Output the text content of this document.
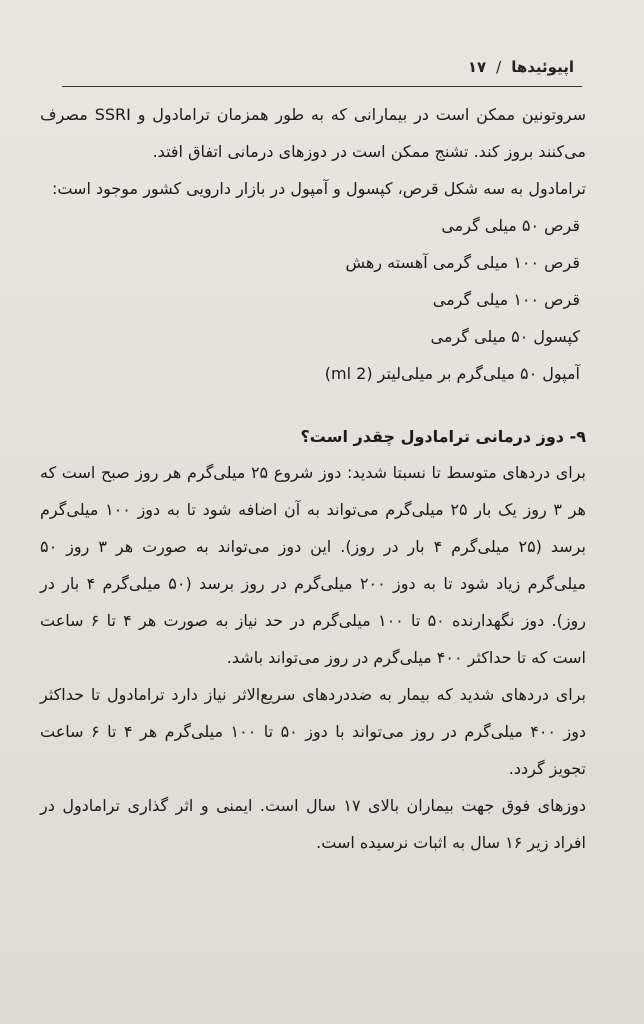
اپیوئیدها
/
۱۷

سروتونین ممکن است در بیمارانی که به طور همزمان ترامادول و SSRI مصرف می‌کنند بروز کند. تشنج ممکن است در دوزهای درمانی اتفاق افتد.

ترامادول به سه شکل قرص، کپسول و آمپول در بازار دارویی کشور موجود است:

قرص ۵۰ میلی گرمی

قرص ۱۰۰ میلی گرمی آهسته رهش

قرص ۱۰۰ میلی گرمی

کپسول ۵۰ میلی گرمی

آمپول ۵۰ میلی‌گرم بر میلی‌لیتر (2 ml)

۹- دوز درمانی ترامادول چقدر است؟

برای دردهای متوسط تا نسبتا شدید: دوز شروع ۲۵ میلی‌گرم هر روز صبح است که هر ۳ روز یک بار ۲۵ میلی‌گرم می‌تواند به آن اضافه شود تا به دوز ۱۰۰ میلی‌گرم برسد (۲۵ میلی‌گرم ۴ بار در روز). این دوز می‌تواند به صورت هر ۳ روز ۵۰ میلی‌گرم زیاد شود تا به دوز ۲۰۰ میلی‌گرم در روز برسد (۵۰ میلی‌گرم ۴ بار در روز). دوز نگهدارنده ۵۰ تا ۱۰۰ میلی‌گرم در حد نیاز به صورت هر ۴ تا ۶ ساعت است که تا حداکثر ۴۰۰ میلی‌گرم در روز می‌تواند باشد.

برای دردهای شدید که بیمار به ضددردهای سریع‌الاثر نیاز دارد ترامادول تا حداکثر دوز ۴۰۰ میلی‌گرم در روز می‌تواند با دوز ۵۰ تا ۱۰۰ میلی‌گرم هر ۴ تا ۶ ساعت تجویز گردد.

دوزهای فوق جهت بیماران بالای ۱۷ سال است. ایمنی و اثر گذاری ترامادول در افراد زیر ۱۶ سال به اثبات نرسیده است.
